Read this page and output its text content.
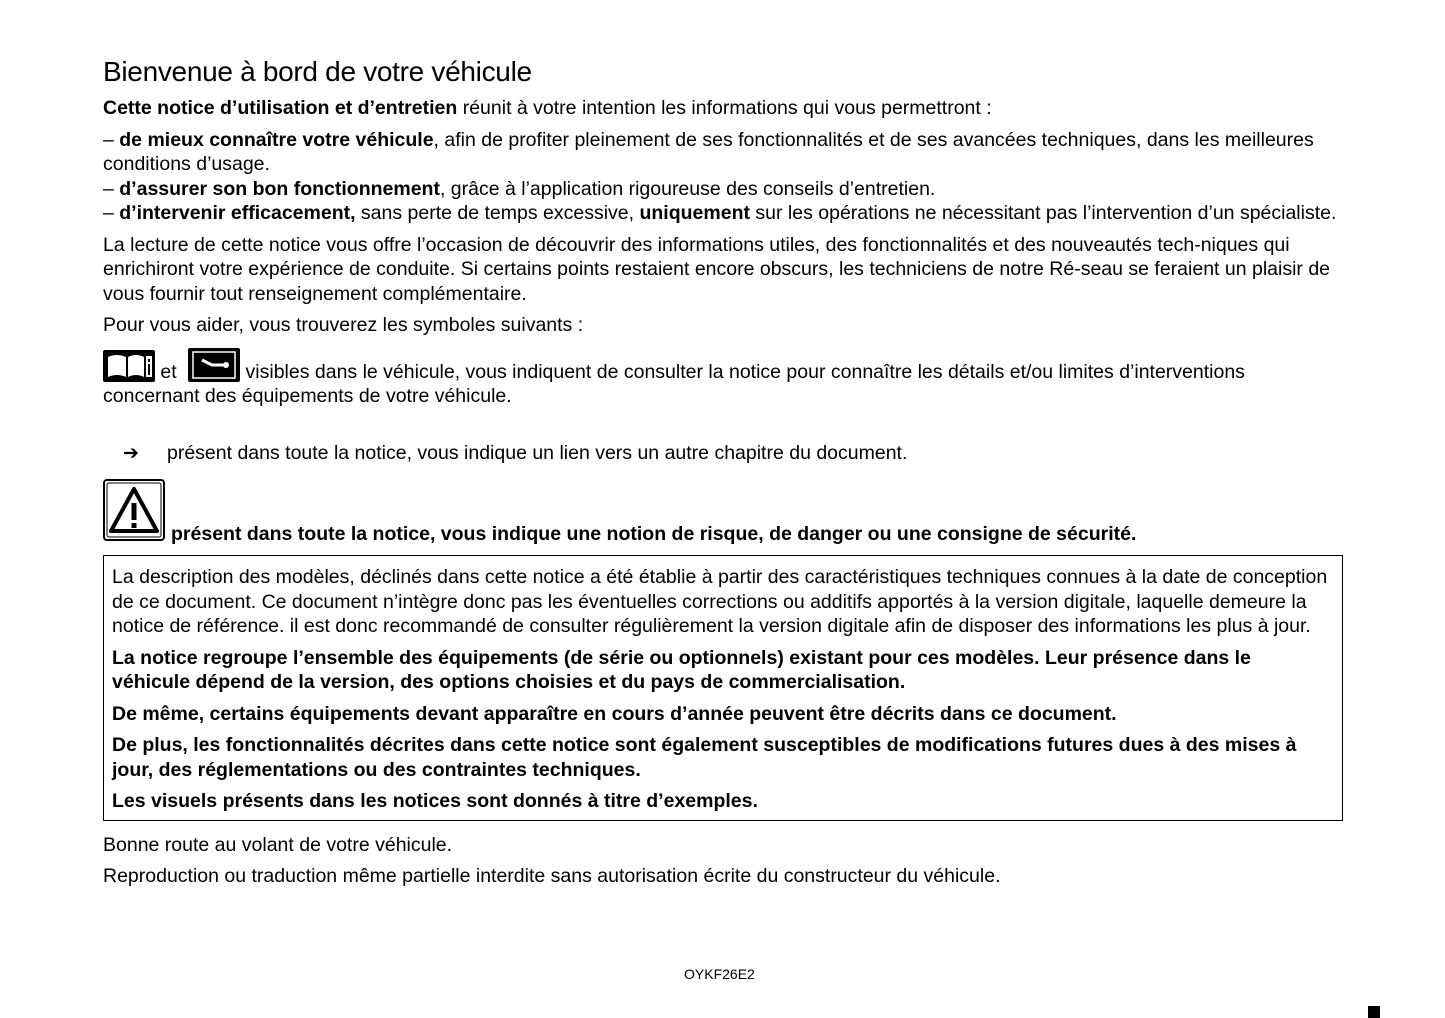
Bienvenue à bord de votre véhicule

Cette notice d’utilisation et d’entretien réunit à votre intention les informations qui vous permettront :

– de mieux connaître votre véhicule, afin de profiter pleinement de ses fonctionnalités et de ses avancées techniques, dans les meilleures conditions d’usage.

– d’assurer son bon fonctionnement, grâce à l’application rigoureuse des conseils d’entretien.

– d’intervenir efficacement, sans perte de temps excessive, uniquement sur les opérations ne nécessitant pas l’intervention d’un spécialiste.

La lecture de cette notice vous offre l’occasion de découvrir des informations utiles, des fonctionnalités et des nouveautés tech-niques qui enrichiront votre expérience de conduite. Si certains points restaient encore obscurs, les techniciens de notre Ré-seau se feraient un plaisir de vous fournir tout renseignement complémentaire.

Pour vous aider, vous trouverez les symboles suivants :

et	visibles dans le véhicule, vous indiquent de consulter la notice pour connaître les détails et/ou limites d’interventions concernant des équipements de votre véhicule.

➔ présent dans toute la notice, vous indique un lien vers un autre chapitre du document.

présent dans toute la notice, vous indique une notion de risque, de danger ou une consigne de sécurité.

La description des modèles, déclinés dans cette notice a été établie à partir des caractéristiques techniques connues à la date de conception de ce document. Ce document n’intègre donc pas les éventuelles corrections ou additifs apportés à la version digitale, laquelle demeure la notice de référence. il est donc recommandé de consulter régulièrement la version digitale afin de disposer des informations les plus à jour.

La notice regroupe l’ensemble des équipements (de série ou optionnels) existant pour ces modèles. Leur présence dans le véhicule dépend de la version, des options choisies et du pays de commercialisation.

De même, certains équipements devant apparaître en cours d’année peuvent être décrits dans ce document.

De plus, les fonctionnalités décrites dans cette notice sont également susceptibles de modifications futures dues à des mises à jour, des réglementations ou des contraintes techniques.

Les visuels présents dans les notices sont donnés à titre d’exemples.

Bonne route au volant de votre véhicule.

Reproduction ou traduction même partielle interdite sans autorisation écrite du constructeur du véhicule.

OYKF26E2
